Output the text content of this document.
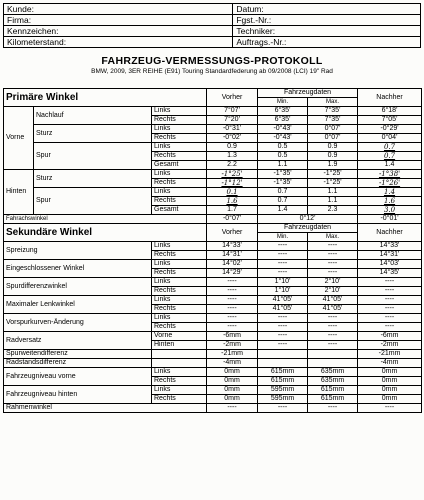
Kunde:	Datum:
Firma:	Fgst.-Nr.:
Kennzeichen:	Techniker:
Kilometerstand:	Auftrags.-Nr.:
FAHRZEUG-VERMESSUNGS-PROTOKOLL
BMW, 2009, 3ER REIHE (E91) Touring Standardfederung ab 09/2008 (LCI) 19" Rad
Primäre Winkel			Vorher	Fahrzeugdaten		Nachher
				Min.	Max.	
Vorne	Nachlauf	Links	7°07'	6°35'	7°35'	6°18'
		Rechts	7°20'	6°35'	7°35'	7°05'
	Sturz	Links	-0°31'	-0°43'	0°07'	-0°29'
		Rechts	-0°02'	-0°43'	0°07'	0°04'
	Spur	Links	0.9	0.5	0.9	0.7
		Rechts	1.3	0.5	0.9	0.7
		Gesamt	2.2	1.1	1.9	1.4
Hinten	Sturz	Links	-1°25'	-1°35'	-1°25'	-1°38'
		Rechts	-1°12'	-1°35'	-1°25'	-1°26'
	Spur	Links	0.1	0.7	1.1	1.4
		Rechts	1.6	0.7	1.1	1.6
		Gesamt	1.7	1.4	2.3	3.0
Fahrachswinkel			-0°07'	0°12'		-0°01'
Sekundäre Winkel			Vorher	Fahrzeugdaten		Nachher
				Min.	Max.	
Spreizung		Links	14°33'	----	----	14°33'
		Rechts	14°31'	----	----	14°31'
Eingeschlossener Winkel		Links	14°02'	----	----	14°03'
		Rechts	14°29'	----	----	14°35'
Spurdifferenzwinkel		Links	----	1°10'	2°10'	----
		Rechts	----	1°10'	2°10'	----
Maximaler Lenkwinkel		Links	----	41°05'	41°05'	----
		Rechts	----	41°05'	41°05'	----
Vorspurkurven-Änderung		Links	----	----	----	----
		Rechts	----	----	----	----
Radversatz		Vorne	-6mm	----	----	-6mm
		Hinten	-2mm	----	----	-2mm
Spurweitendifferenz			-21mm			-21mm
Radstandsdifferenz			-4mm			-4mm
Fahrzeugniveau vorne		Links	0mm	615mm	635mm	0mm
		Rechts	0mm	615mm	635mm	0mm
Fahrzeugniveau hinten		Links	0mm	595mm	615mm	0mm
		Rechts	0mm	595mm	615mm	0mm
Rahmenwinkel			----	----	----	----
